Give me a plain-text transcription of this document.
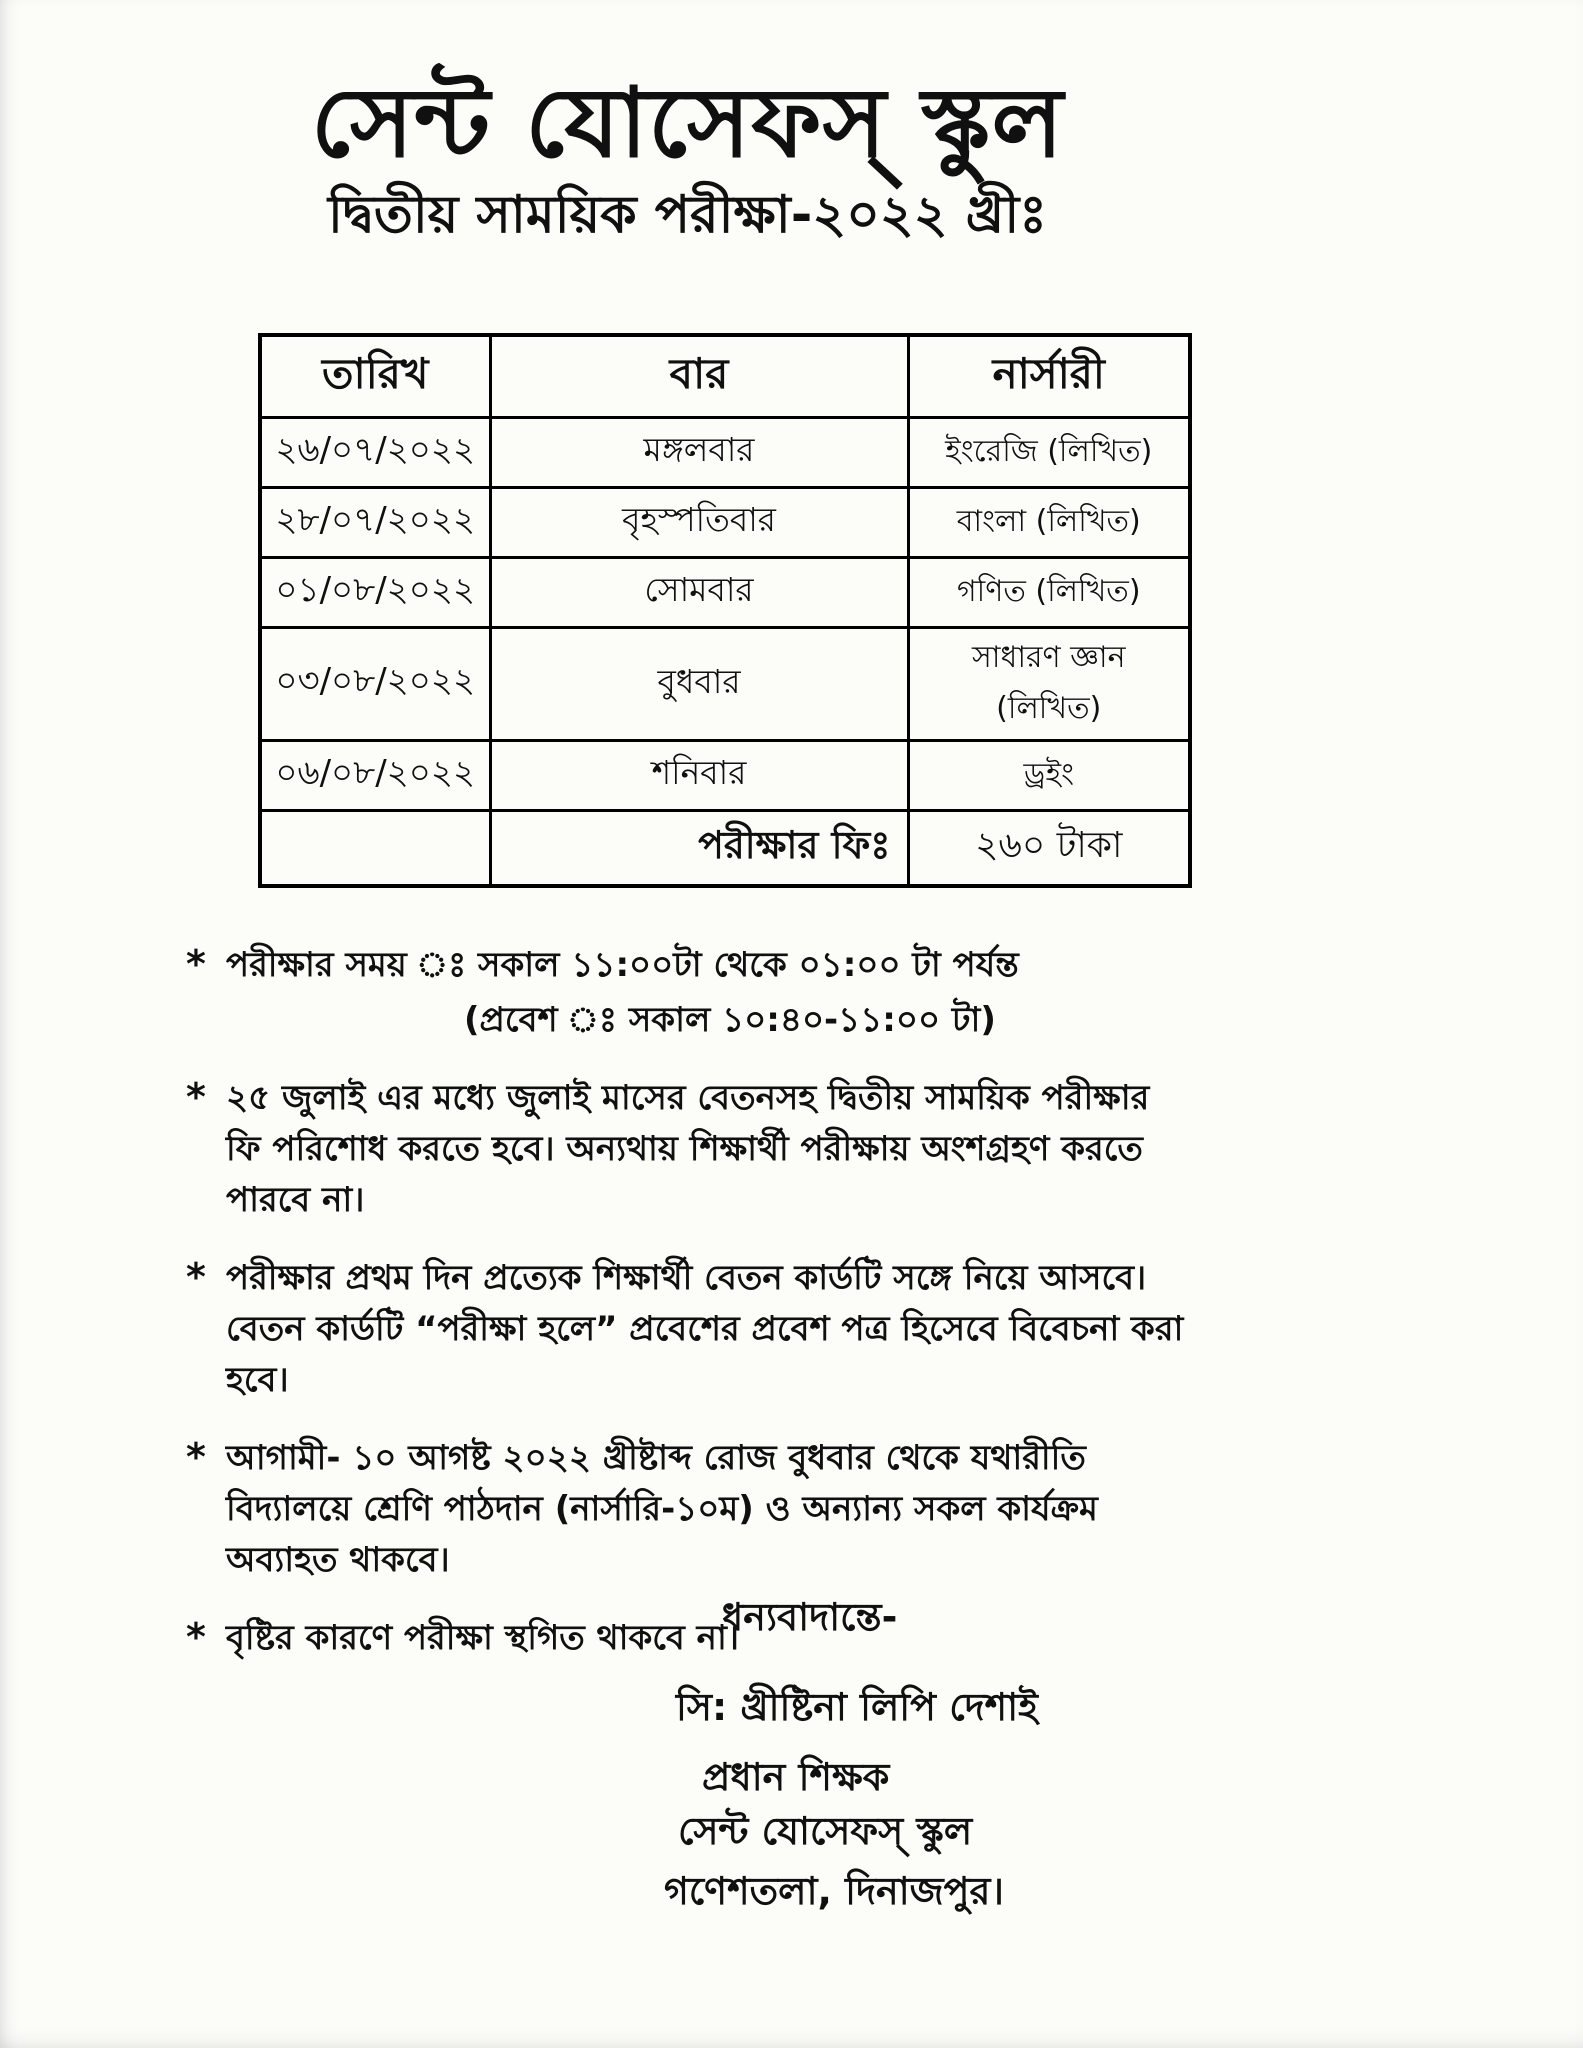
সেন্ট যোসেফস্ স্কুল
দ্বিতীয় সাময়িক পরীক্ষা-২০২২ খ্রীঃ
তারিখ	বার	নার্সারী
২৬/০৭/২০২২	মঙ্গলবার	ইংরেজি (লিখিত)
২৮/০৭/২০২২	বৃহস্পতিবার	বাংলা (লিখিত)
০১/০৮/২০২২	সোমবার	গণিত (লিখিত)
০৩/০৮/২০২২	বুধবার	সাধারণ জ্ঞান (লিখিত)
০৬/০৮/২০২২	শনিবার	ড্রইং
	পরীক্ষার ফিঃ	২৬০ টাকা
* পরীক্ষার সময় ঃ সকাল ১১:০০টা থেকে ০১:০০ টা পর্যন্ত
(প্রবেশ ঃ সকাল ১০:৪০-১১:০০ টা)
* ২৫ জুলাই এর মধ্যে জুলাই মাসের বেতনসহ দ্বিতীয় সাময়িক পরীক্ষার ফি পরিশোধ করতে হবে। অন্যথায় শিক্ষার্থী পরীক্ষায় অংশগ্রহণ করতে পারবে না।
* পরীক্ষার প্রথম দিন প্রত্যেক শিক্ষার্থী বেতন কার্ডটি সঙ্গে নিয়ে আসবে। বেতন কার্ডটি “পরীক্ষা হলে” প্রবেশের প্রবেশ পত্র হিসেবে বিবেচনা করা হবে।
* আগামী- ১০ আগষ্ট ২০২২ খ্রীষ্টাব্দ রোজ বুধবার থেকে যথারীতি বিদ্যালয়ে শ্রেণি পাঠদান (নার্সারি-১০ম) ও অন্যান্য সকল কার্যক্রম অব্যাহত থাকবে।
* বৃষ্টির কারণে পরীক্ষা স্থগিত থাকবে না।
ধন্যবাদান্তে-
সি: খ্রীষ্টিনা লিপি দেশাই
প্রধান শিক্ষক
সেন্ট যোসেফস্ স্কুল
গণেশতলা, দিনাজপুর।
